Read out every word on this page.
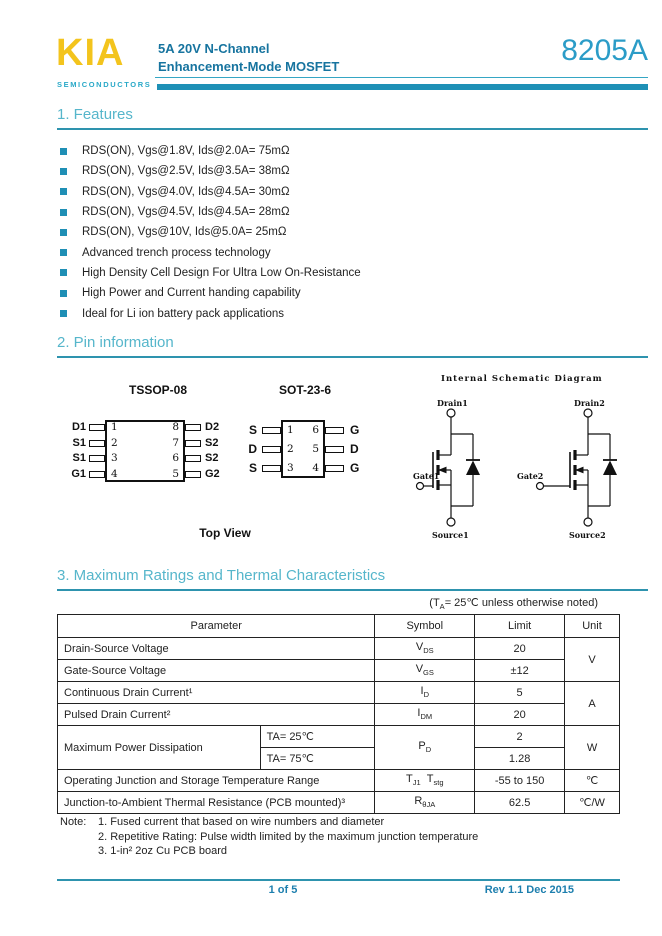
KIA
SEMICONDUCTORS
5A 20V N-Channel
Enhancement-Mode MOSFET	8205A
1. Features
RDS(ON), Vgs@1.8V, Ids@2.0A= 75mΩ
RDS(ON), Vgs@2.5V, Ids@3.5A= 38mΩ
RDS(ON), Vgs@4.0V, Ids@4.5A= 30mΩ
RDS(ON), Vgs@4.5V, Ids@4.5A= 28mΩ
RDS(ON), Vgs@10V, Ids@5.0A= 25mΩ
Advanced trench process technology
High Density Cell Design For Ultra Low On-Resistance
High Power and Current handing capability
Ideal for Li ion battery pack applications
2. Pin information
TSSOP-08
D1
S1
S1
G1
1
2
3
4
8
7
6
5
D2
S2
S2
G2
SOT-23-6
S
D
S
1
2
3
6
5
4
G
D
G
Top View
Internal Schematic Diagram
Drain1
Gate1
Source1
Drain2
Gate2
Source2
3. Maximum Ratings and Thermal Characteristics
($T_A=$ 25℃ unless otherwise noted)
Parameter		Symbol	Limit	Unit
Drain-Source Voltage		$V_{DS}$	20	V
Gate-Source Voltage		$V_{GS}$	±12	
Continuous Drain Current¹		$I_D$	5	A
Pulsed Drain Current²		$I_{DM}$	20	
Maximum Power Dissipation	TA= 25℃	$P_D$	2	W
	TA= 75℃		1.28	
Operating Junction and Storage Temperature Range		$T_{J1}$ $T_{stg}$	-55 to 150	℃
Junction-to-Ambient Thermal Resistance (PCB mounted)³		$R_{\theta JA}$	62.5	℃/W
Note:	1. Fused current that based on wire numbers and diameter
2. Repetitive Rating: Pulse width limited by the maximum junction temperature
3. 1-in² 2oz Cu PCB board
1 of 5	Rev 1.1 Dec 2015
